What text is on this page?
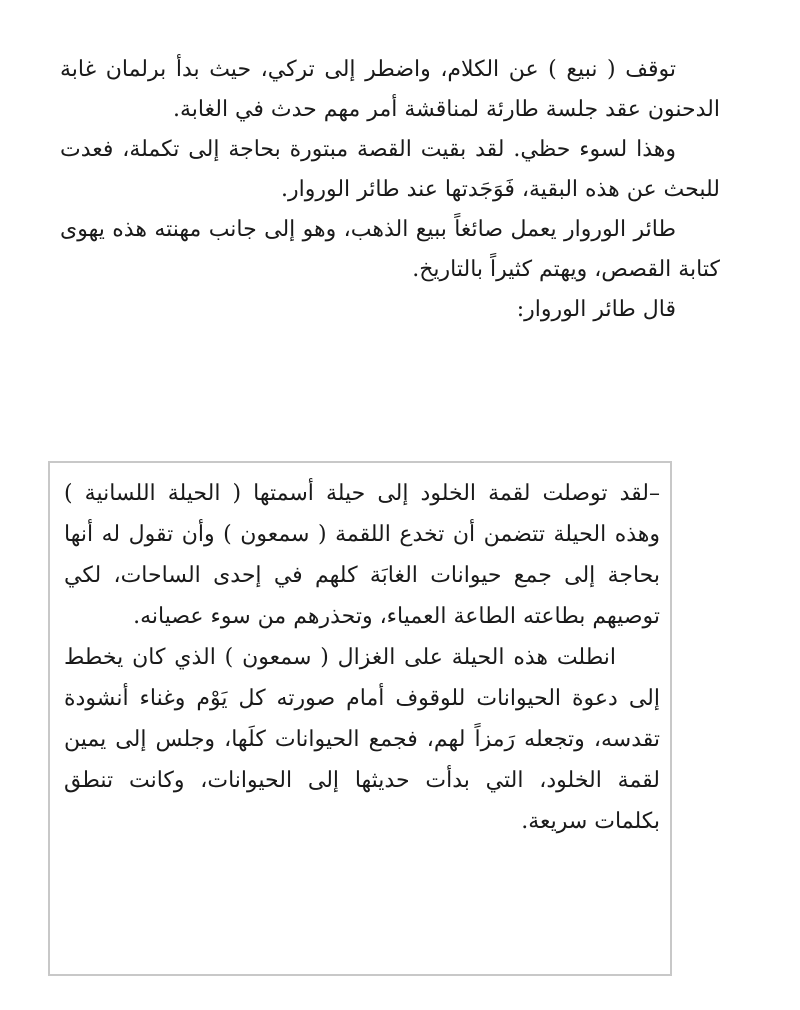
توقف ( نبيع ) عن الكلام، واضطر إلى تركي، حيث بدأ برلمان غابة الدحنون عقد جلسة طارئة لمناقشة أمر مهم حدث في الغابة.

وهذا لسوء حظي. لقد بقيت القصة مبتورة بحاجة إلى تكملة، فعدت للبحث عن هذه البقية، فَوَجَدتها عند طائر الوروار.

طائر الوروار يعمل صائغاً ببيع الذهب، وهو إلى جانب مهنته هذه يهوى كتابة القصص، ويهتم كثيراً بالتاريخ.

قال طائر الوروار:

–لقد توصلت لقمة الخلود إلى حيلة أسمتها ( الحيلة اللسانية ) وهذه الحيلة تتضمن أن تخدع اللقمة ( سمعون ) وأن تقول له أنها بحاجة إلى جمع حيوانات الغابَة كلهم في إحدى الساحات، لكي توصيهم بطاعته الطاعة العمياء، وتحذرهم من سوء عصيانه.

انطلت هذه الحيلة على الغزال ( سمعون ) الذي كان يخطط إلى دعوة الحيوانات للوقوف أمام صورته كل يَوْم وغناء أنشودة تقدسه، وتجعله رَمزاً لهم، فجمع الحيوانات كلَها، وجلس إلى يمين لقمة الخلود، التي بدأت حديثها إلى الحيوانات، وكانت تنطق بكلمات سريعة.
